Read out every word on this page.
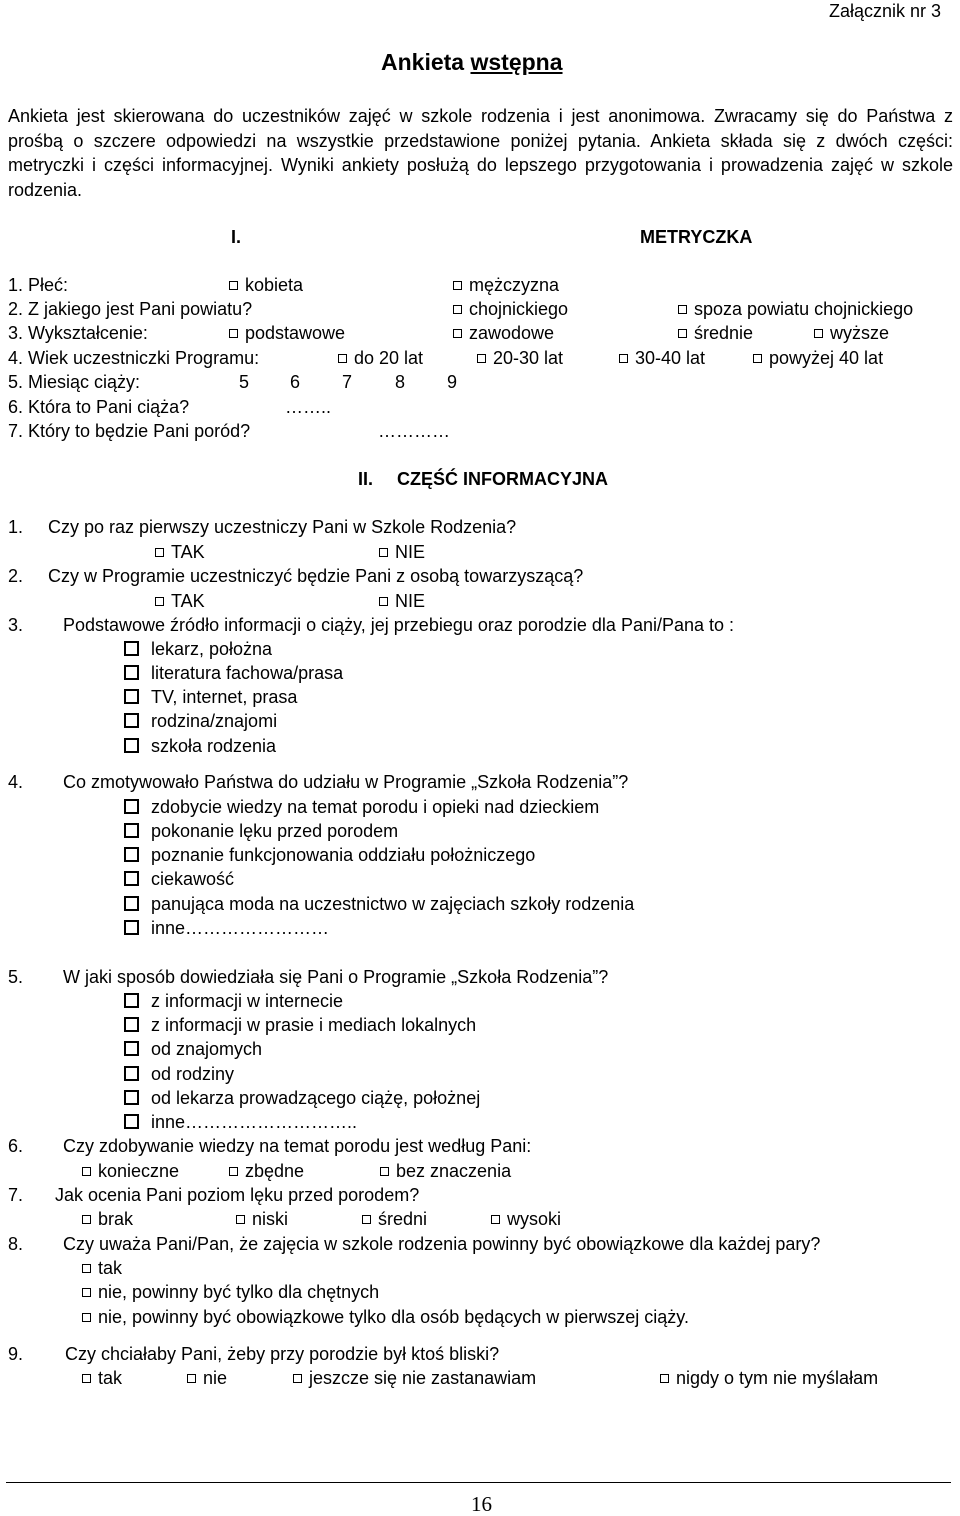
Załącznik nr 3
Ankieta wstępna
Ankieta jest skierowana do uczestników zajęć w szkole rodzenia i jest anonimowa. Zwracamy się do Państwa z prośbą o szczere odpowiedzi na wszystkie przedstawione poniżej pytania. Ankieta składa się z dwóch części: metryczki i części informacyjnej. Wyniki ankiety posłużą do lepszego przygotowania i prowadzenia zajęć w szkole rodzenia.
I.	METRYCZKA
1. Płeć:	kobieta	mężczyzna
2. Z jakiego jest Pani powiatu?	chojnickiego	spoza powiatu chojnickiego
3. Wykształcenie:	podstawowe	zawodowe	średnie	wyższe
4. Wiek uczestniczki Programu:	do 20 lat	20-30 lat	30-40 lat	powyżej 40 lat
5. Miesiąc ciąży:	5 6 7 8 9
6. Która to Pani ciąża?	……..
7. Który to będzie Pani poród?	…………
II. CZĘŚĆ INFORMACYJNA
1. Czy po raz pierwszy uczestniczy Pani w Szkole Rodzenia?
TAK	NIE
2. Czy w Programie uczestniczyć będzie Pani z osobą towarzyszącą?
TAK	NIE
3. Podstawowe źródło informacji o ciąży, jej przebiegu oraz porodzie dla Pani/Pana to :
lekarz, położna
literatura fachowa/prasa
TV, internet, prasa
rodzina/znajomi
szkoła rodzenia
4. Co zmotywowało Państwa do udziału w Programie „Szkoła Rodzenia”?
zdobycie wiedzy na temat porodu i opieki nad dzieckiem
pokonanie lęku przed porodem
poznanie funkcjonowania oddziału położniczego
ciekawość
panująca moda na uczestnictwo w zajęciach szkoły rodzenia
inne……………………
5. W jaki sposób dowiedziała się Pani o Programie „Szkoła Rodzenia”?
z informacji w internecie
z informacji w prasie i mediach lokalnych
od znajomych
od rodziny
od lekarza prowadzącego ciążę, położnej
inne………………………..
6. Czy zdobywanie wiedzy na temat porodu jest według Pani:
konieczne	zbędne	bez znaczenia
7. Jak ocenia Pani poziom lęku przed porodem?
brak	niski	średni	wysoki
8. Czy uważa Pani/Pan, że zajęcia w szkole rodzenia powinny być obowiązkowe dla każdej pary?
tak
nie, powinny być tylko dla chętnych
nie, powinny być obowiązkowe tylko dla osób będących w pierwszej ciąży.
9. Czy chciałaby Pani, żeby przy porodzie był ktoś bliski?
tak	nie	jeszcze się nie zastanawiam	nigdy o tym nie myślałam
16
